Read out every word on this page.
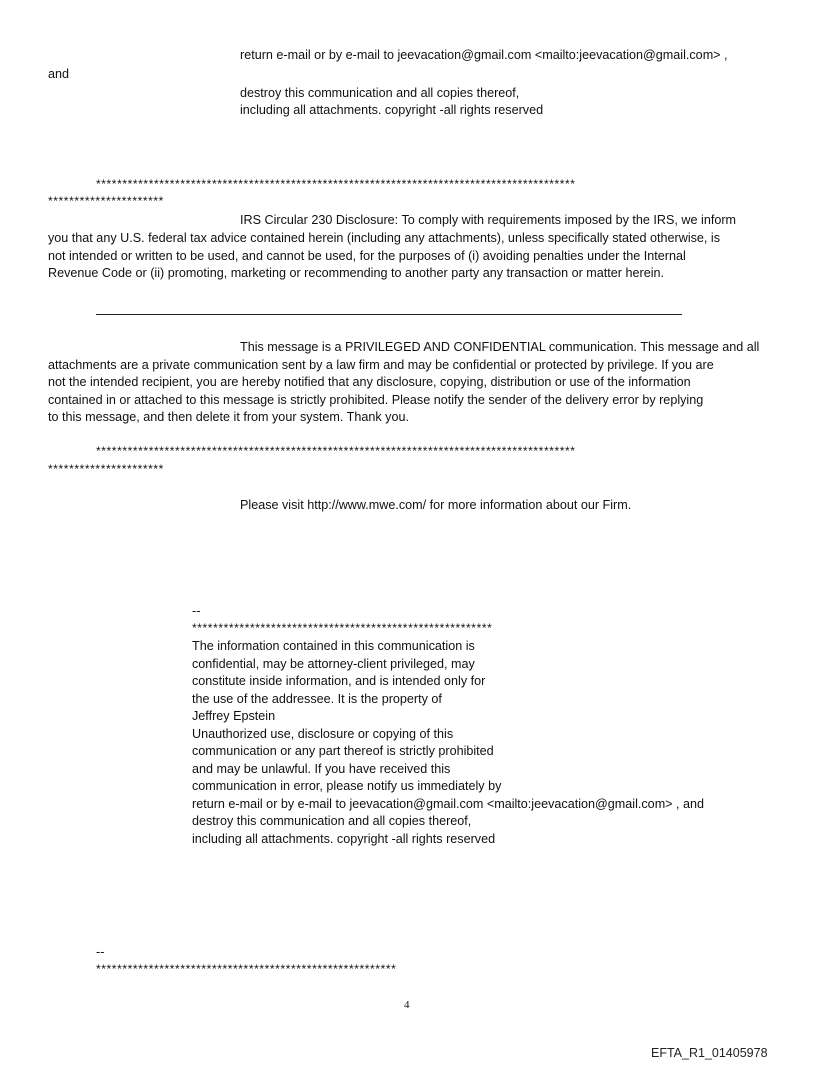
return e-mail or by e-mail to jeevacation@gmail.com <mailto:jeevacation@gmail.com> ,
and
destroy this communication and all copies thereof,
including all attachments. copyright -all rights reserved
*******************************************************************************************
**********************
IRS Circular 230 Disclosure: To comply with requirements imposed by the IRS, we inform
you that any U.S. federal tax advice contained herein (including any attachments), unless specifically stated otherwise, is
not intended or written to be used, and cannot be used, for the purposes of (i) avoiding penalties under the Internal
Revenue Code or (ii) promoting, marketing or recommending to another party any transaction or matter herein.
This message is a PRIVILEGED AND CONFIDENTIAL communication. This message and all
attachments are a private communication sent by a law firm and may be confidential or protected by privilege. If you are
not the intended recipient, you are hereby notified that any disclosure, copying, distribution or use of the information
contained in or attached to this message is strictly prohibited. Please notify the sender of the delivery error by replying
to this message, and then delete it from your system. Thank you.
*******************************************************************************************
**********************
Please visit http://www.mwe.com/ for more information about our Firm.
--
*********************************************************
The information contained in this communication is
confidential, may be attorney-client privileged, may
constitute inside information, and is intended only for
the use of the addressee. It is the property of
Jeffrey Epstein
Unauthorized use, disclosure or copying of this
communication or any part thereof is strictly prohibited
and may be unlawful. If you have received this
communication in error, please notify us immediately by
return e-mail or by e-mail to jeevacation@gmail.com <mailto:jeevacation@gmail.com> , and
destroy this communication and all copies thereof,
including all attachments. copyright -all rights reserved
--
*********************************************************
4
EFTA_R1_01405978
